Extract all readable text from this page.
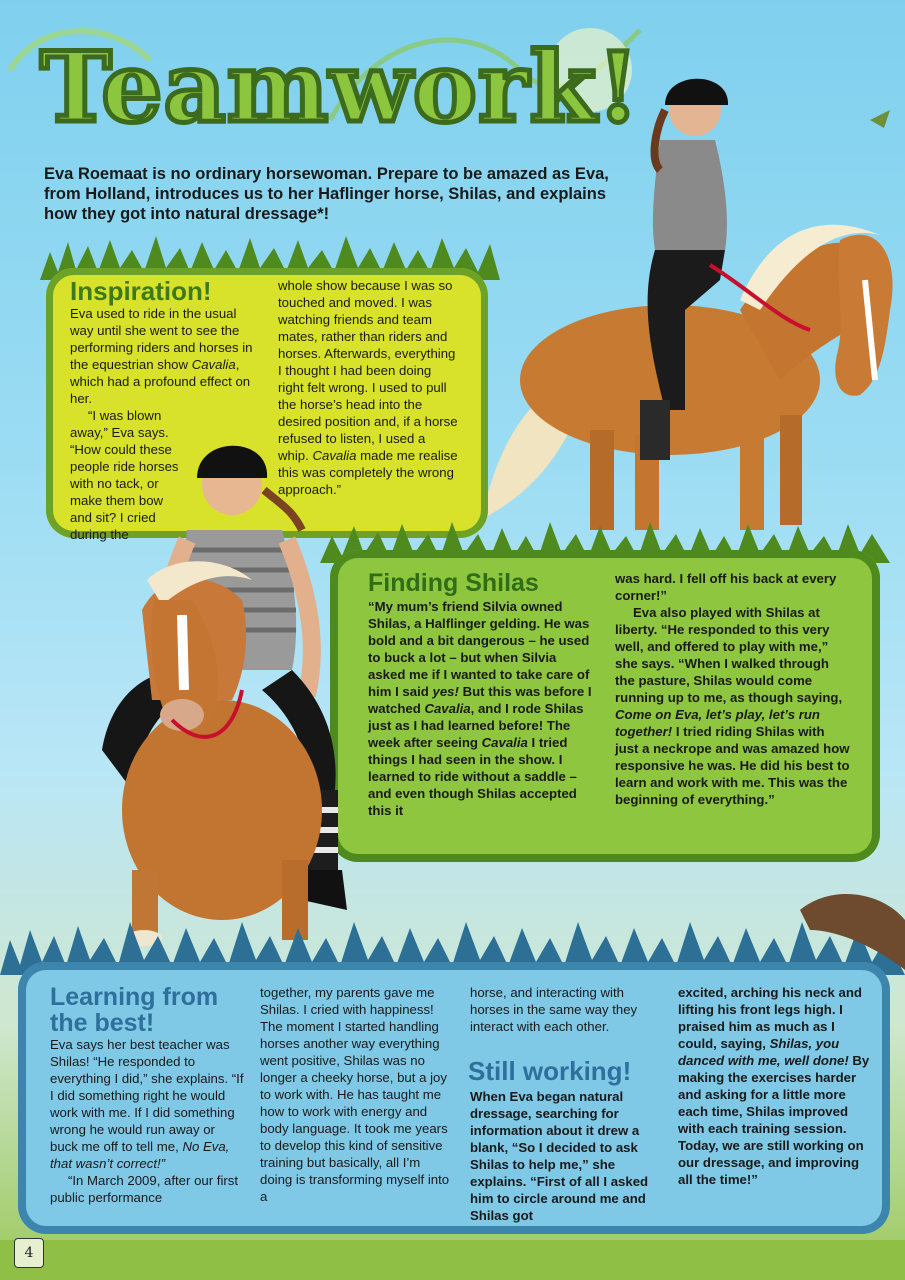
Teamwork!
Eva Roemaat is no ordinary horsewoman. Prepare to be amazed as Eva, from Holland, introduces us to her Haflinger horse, Shilas, and explains how they got into natural dressage*!
Inspiration!

Eva used to ride in the usual way until she went to see the performing riders and horses in the equestrian show Cavalia, which had a profound effect on her.

“I was blown away,” Eva says. “How could these people ride horses with no tack, or make them bow and sit? I cried during the

whole show because I was so touched and moved. I was watching friends and team mates, rather than riders and horses. Afterwards, everything I thought I had been doing right felt wrong. I used to pull the horse’s head into the desired position and, if a horse refused to listen, I used a whip. Cavalia made me realise this was completely the wrong approach.”

Finding Shilas

“My mum’s friend Silvia owned Shilas, a Halflinger gelding. He was bold and a bit dangerous – he used to buck a lot – but when Silvia asked me if I wanted to take care of him I said yes! But this was before I watched Cavalia, and I rode Shilas just as I had learned before! The week after seeing Cavalia I tried things I had seen in the show. I learned to ride without a saddle – and even though Shilas accepted this it

was hard. I fell off his back at every corner!”

Eva also played with Shilas at liberty. “He responded to this very well, and offered to play with me,” she says. “When I walked through the pasture, Shilas would come running up to me, as though saying, Come on Eva, let’s play, let’s run together! I tried riding Shilas with just a neckrope and was amazed how responsive he was. He did his best to learn and work with me. This was the beginning of everything.”

Learning from the best!

Eva says her best teacher was Shilas! “He responded to everything I did,” she explains. “If I did something right he would work with me. If I did something wrong he would run away or buck me off to tell me, No Eva, that wasn’t correct!”

“In March 2009, after our first public performance

together, my parents gave me Shilas. I cried with happiness! The moment I started handling horses another way everything went positive, Shilas was no longer a cheeky horse, but a joy to work with. He has taught me how to work with energy and body language. It took me years to develop this kind of sensitive training but basically, all I’m doing is transforming myself into a

horse, and interacting with horses in the same way they interact with each other.

Still working!

When Eva began natural dressage, searching for information about it drew a blank, “So I decided to ask Shilas to help me,” she explains. “First of all I asked him to circle around me and Shilas got

excited, arching his neck and lifting his front legs high. I praised him as much as I could, saying, Shilas, you danced with me, well done! By making the exercises harder and asking for a little more each time, Shilas improved with each training session. Today, we are still working on our dressage, and improving all the time!”

4
